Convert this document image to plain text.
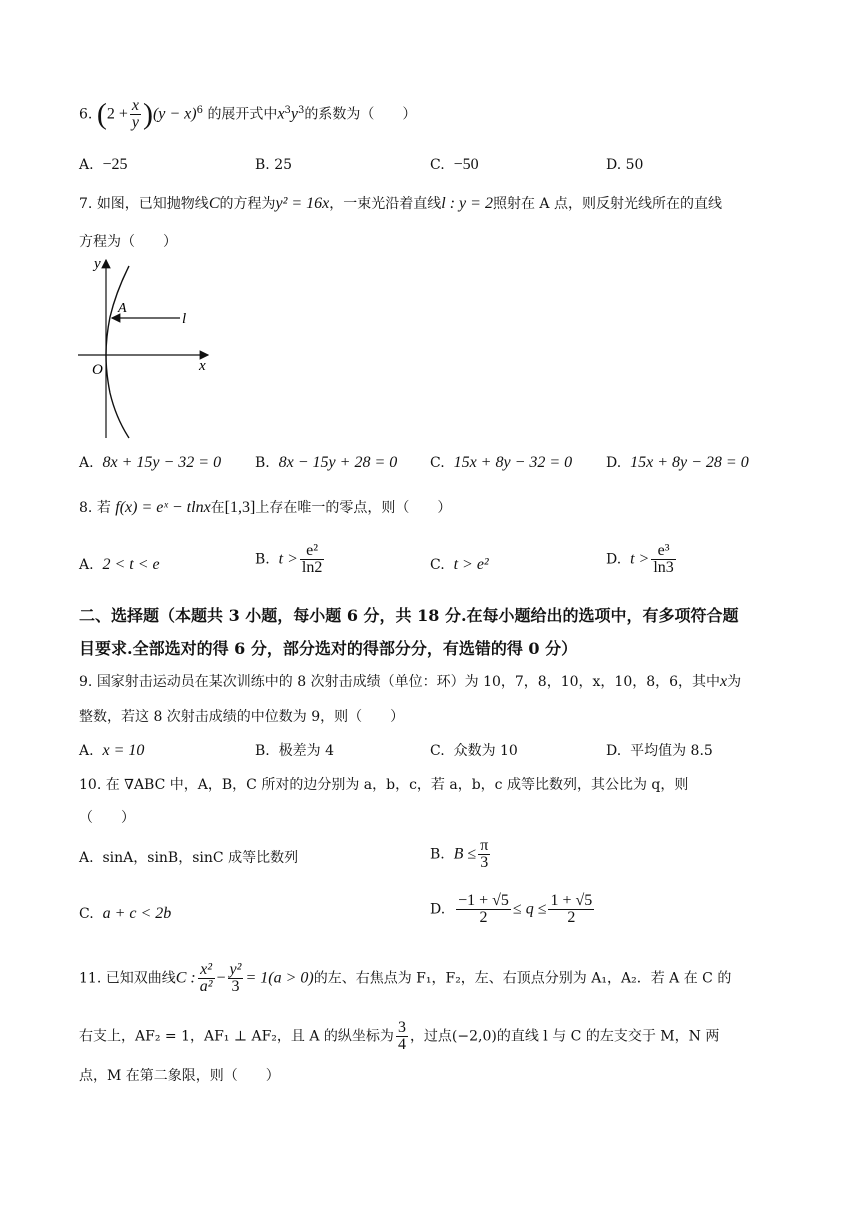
6. $(2 + \frac{x}{y} )(y - x)^6$ 的展开式中$x^3y^3$的系数为（　　）
A. −25	B. 25	C. −50	D. 50
7. 如图，已知抛物线C的方程为y² = 16x，一束光沿着直线l : y = 2照射在 A 点，则反射光线所在的直线
方程为（　　）
y
x
O
A
l
A. 8x + 15y − 32 = 0 B. 8x − 15y + 28 = 0 C. 15x + 8y − 32 = 0 D. 15x + 8y − 28 = 0
8. 若 f(x) = eˣ − tlnx在[1,3]上存在唯一的零点，则（　　）
A. 2 < t < e	B. $t > \frac{\text{e²}}{\ln 2}$	C. t > e²	D. $t > \frac{\text{e³}}{\ln 3}$
二、选择题（本题共 3 小题，每小题 6 分，共 18 分.在每小题给出的选项中，有多项符合题
目要求.全部选对的得 6 分，部分选对的得部分分，有选错的得 0 分）
9. 国家射击运动员在某次训练中的 8 次射击成绩（单位：环）为 10，7，8，10，x，10，8，6，其中x为
整数，若这 8 次射击成绩的中位数为 9，则（　　）
A. x = 10	B. 极差为 4	C. 众数为 10	D. 平均值为 8.5
10. 在 ∇ABC 中，A，B，C 所对的边分别为 a，b，c，若 a，b，c 成等比数列，其公比为 q，则
（　　）
A. sinA，sinB，sinC 成等比数列	B. $B \le \frac{\pi}{3}$
C. a + c < 2b	D. $\frac{-1 + √5}{2} \le q \le \frac{1 + √5}{2}$
11. 已知双曲线C : $\frac{\text{x²}}{\text{a²}} - \frac{\text{y²}}{3} = 1(a > 0)$的左、右焦点为 F₁，F₂，左、右顶点分别为 A₁，A₂．若 A 在 C 的
右支上，AF₂ = 1，AF₁ ⊥ AF₂，且 A 的纵坐标为 $\frac{3}{4}$ ，过点(−2,0)的直线 l 与 C 的左支交于 M，N 两
点，M 在第二象限，则（　　）
